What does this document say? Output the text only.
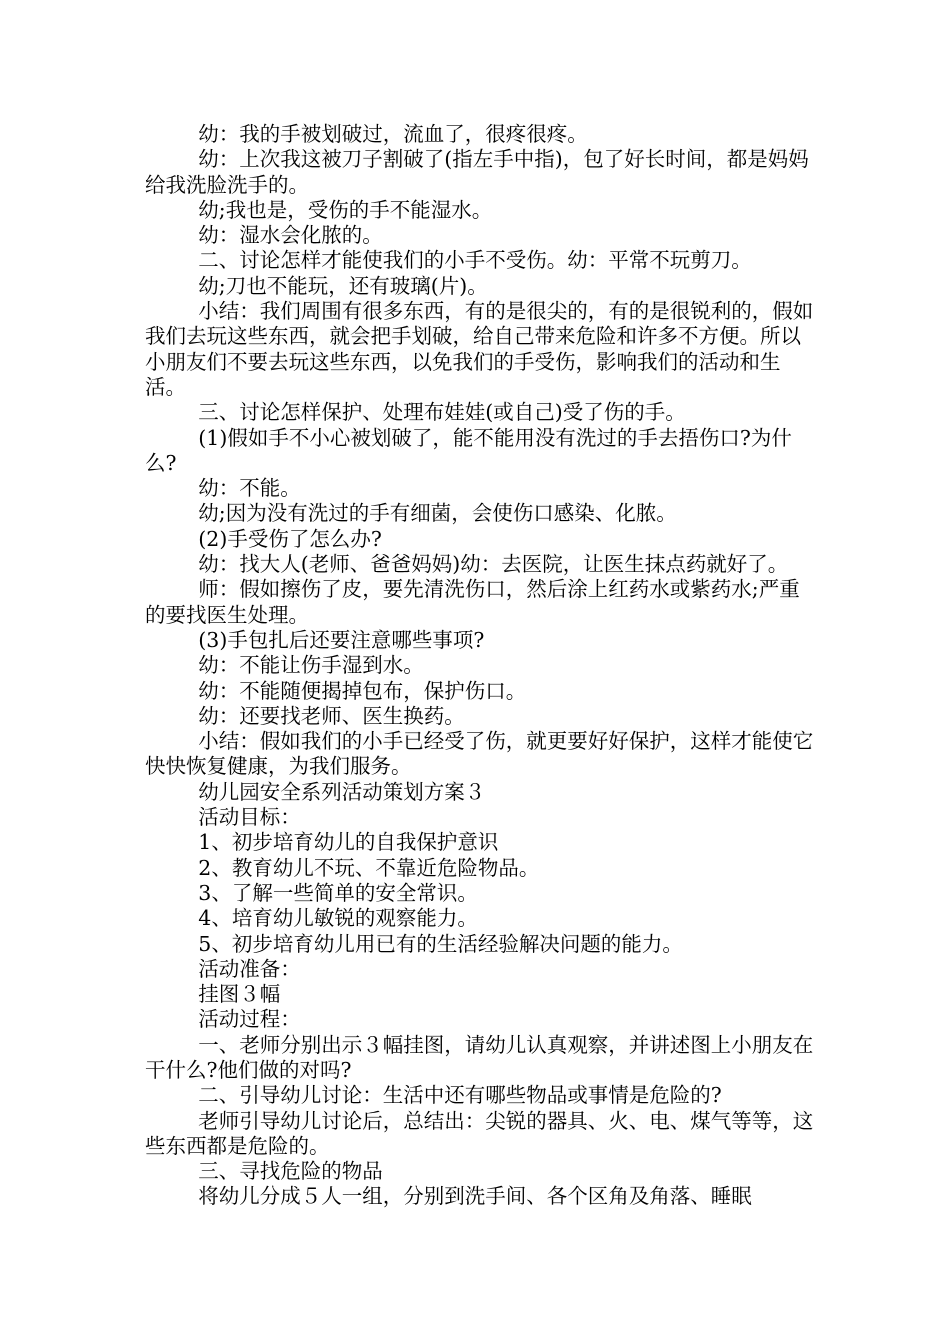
幼：我的手被划破过，流血了，很疼很疼。

幼：上次我这被刀子割破了(指左手中指)，包了好长时间，都是妈妈给我洗脸洗手的。

幼;我也是，受伤的手不能湿水。

幼：湿水会化脓的。

二、讨论怎样才能使我们的小手不受伤。幼：平常不玩剪刀。

幼;刀也不能玩，还有玻璃(片)。

小结：我们周围有很多东西，有的是很尖的，有的是很锐利的，假如我们去玩这些东西，就会把手划破，给自己带来危险和许多不方便。所以小朋友们不要去玩这些东西，以免我们的手受伤，影响我们的活动和生活。

三、讨论怎样保护、处理布娃娃(或自己)受了伤的手。

(1)假如手不小心被划破了，能不能用没有洗过的手去捂伤口?为什么?

幼：不能。

幼;因为没有洗过的手有细菌，会使伤口感染、化脓。

(2)手受伤了怎么办?

幼：找大人(老师、爸爸妈妈)幼：去医院，让医生抹点药就好了。

师：假如擦伤了皮，要先清洗伤口，然后涂上红药水或紫药水;严重的要找医生处理。

(3)手包扎后还要注意哪些事项?

幼：不能让伤手湿到水。

幼：不能随便揭掉包布，保护伤口。

幼：还要找老师、医生换药。

小结：假如我们的小手已经受了伤，就更要好好保护，这样才能使它快快恢复健康，为我们服务。

幼儿园安全系列活动策划方案３

活动目标：

1、初步培育幼儿的自我保护意识

2、教育幼儿不玩、不靠近危险物品。

3、了解一些简单的安全常识。

4、培育幼儿敏锐的观察能力。

5、初步培育幼儿用已有的生活经验解决问题的能力。

活动准备：

挂图３幅

活动过程：

一、老师分别出示３幅挂图，请幼儿认真观察，并讲述图上小朋友在干什么?他们做的对吗?

二、引导幼儿讨论：生活中还有哪些物品或事情是危险的?

老师引导幼儿讨论后，总结出：尖锐的器具、火、电、煤气等等，这些东西都是危险的。

三、寻找危险的物品

将幼儿分成５人一组，分别到洗手间、各个区角及角落、睡眠
